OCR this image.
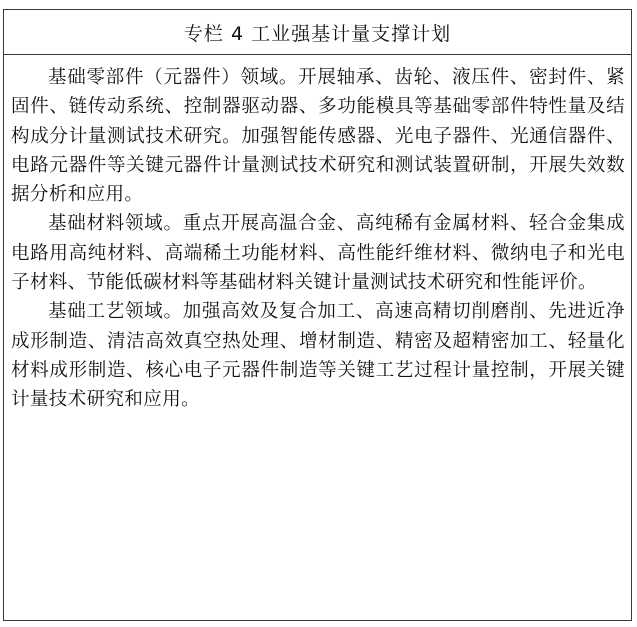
专栏 4 工业强基计量支撑计划

基础零部件（元器件）领域。开展轴承、齿轮、液压件、密封件、紧固件、链传动系统、控制器驱动器、多功能模具等基础零部件特性量及结构成分计量测试技术研究。加强智能传感器、光电子器件、光通信器件、电路元器件等关键元器件计量测试技术研究和测试装置研制，开展失效数据分析和应用。

基础材料领域。重点开展高温合金、高纯稀有金属材料、轻合金集成电路用高纯材料、高端稀土功能材料、高性能纤维材料、微纳电子和光电子材料、节能低碳材料等基础材料关键计量测试技术研究和性能评价。

基础工艺领域。加强高效及复合加工、高速高精切削磨削、先进近净成形制造、清洁高效真空热处理、增材制造、精密及超精密加工、轻量化材料成形制造、核心电子元器件制造等关键工艺过程计量控制，开展关键计量技术研究和应用。
